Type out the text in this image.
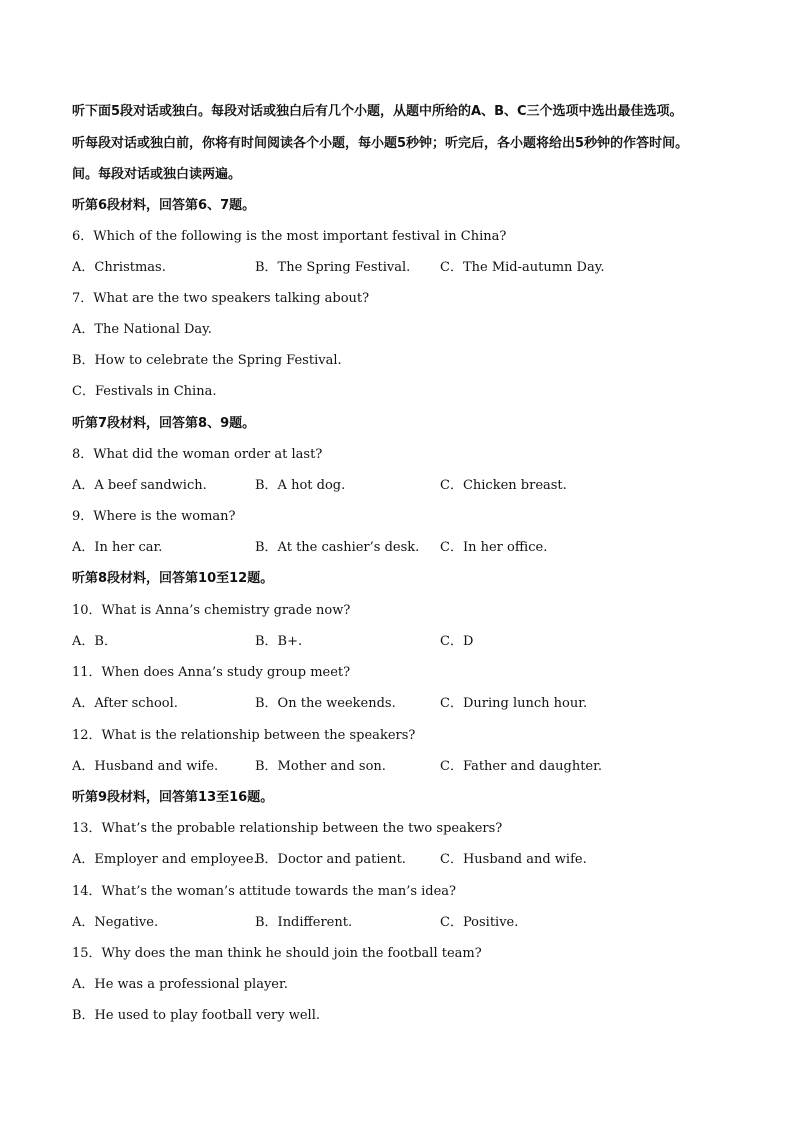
听下面5段对话或独白。每段对话或独白后有几个小题，从题中所给的A、B、C三个选项中选出最佳选项。
听每段对话或独白前，你将有时间阅读各个小题，每小题5秒钟；听完后，各小题将给出5秒钟的作答时间。
间。每段对话或独白读两遍。
听第6段材料，回答第6、7题。
6．Which of the following is the most important festival in China?
A．Christmas.	B．The Spring Festival. C．The Mid-autumn Day.
7．What are the two speakers talking about?
A．The National Day.
B．How to celebrate the Spring Festival.
C．Festivals in China.
听第7段材料，回答第8、9题。
8．What did the woman order at last?
A．A beef sandwich.	B．A hot dog.	C．Chicken breast.
9．Where is the woman?
A．In her car.	B．At the cashier’s desk. C．In her office.
听第8段材料，回答第10至12题。
10．What is Anna’s chemistry grade now?
A．B．	B．B+.	C．D
11．When does Anna’s study group meet?
A．After school.	B．On the weekends.	C．During lunch hour.
12．What is the relationship between the speakers?
A．Husband and wife.	B．Mother and son.	C．Father and daughter.
听第9段材料，回答第13至16题。
13．What’s the probable relationship between the two speakers?
A．Employer and employee.
B．Doctor and patient.	C．Husband and wife.
14．What’s the woman’s attitude towards the man’s idea?
A．Negative.	B．Indifferent.	C．Positive.
15．Why does the man think he should join the football team?
A．He was a professional player.
B．He used to play football very well.
